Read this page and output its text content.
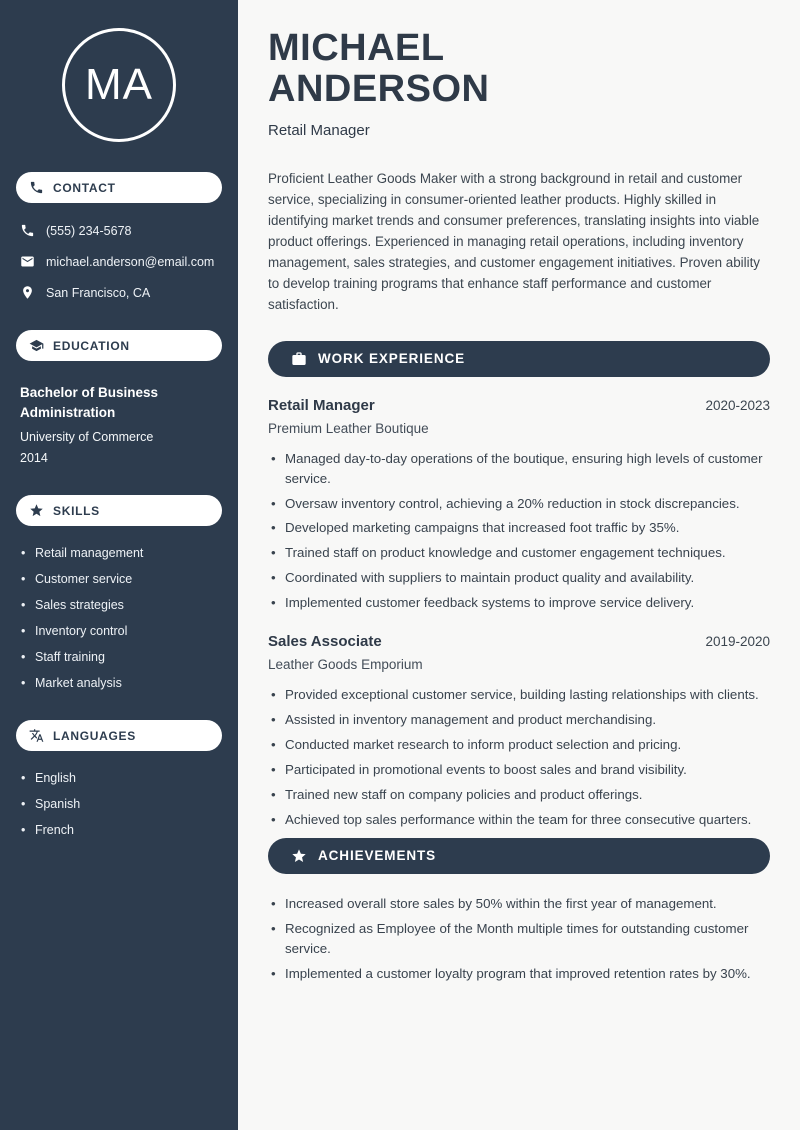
MA
CONTACT
(555) 234-5678
michael.anderson@email.com
San Francisco, CA
EDUCATION
Bachelor of Business Administration
University of Commerce
2014
SKILLS
• Retail management
• Customer service
• Sales strategies
• Inventory control
• Staff training
• Market analysis
LANGUAGES
• English
• Spanish
• French
MICHAEL
ANDERSON
Retail Manager

Proficient Leather Goods Maker with a strong background in retail and customer service, specializing in consumer-oriented leather products. Highly skilled in identifying market trends and consumer preferences, translating insights into viable product offerings. Experienced in managing retail operations, including inventory management, sales strategies, and customer engagement initiatives. Proven ability to develop training programs that enhance staff performance and customer satisfaction.

WORK EXPERIENCE
Retail Manager	2020-2023
Premium Leather Boutique
• Managed day-to-day operations of the boutique, ensuring high levels of customer service.
• Oversaw inventory control, achieving a 20% reduction in stock discrepancies.
• Developed marketing campaigns that increased foot traffic by 35%.
• Trained staff on product knowledge and customer engagement techniques.
• Coordinated with suppliers to maintain product quality and availability.
• Implemented customer feedback systems to improve service delivery.
Sales Associate	2019-2020
Leather Goods Emporium
• Provided exceptional customer service, building lasting relationships with clients.
• Assisted in inventory management and product merchandising.
• Conducted market research to inform product selection and pricing.
• Participated in promotional events to boost sales and brand visibility.
• Trained new staff on company policies and product offerings.
• Achieved top sales performance within the team for three consecutive quarters.
ACHIEVEMENTS
• Increased overall store sales by 50% within the first year of management.
• Recognized as Employee of the Month multiple times for outstanding customer service.
• Implemented a customer loyalty program that improved retention rates by 30%.
